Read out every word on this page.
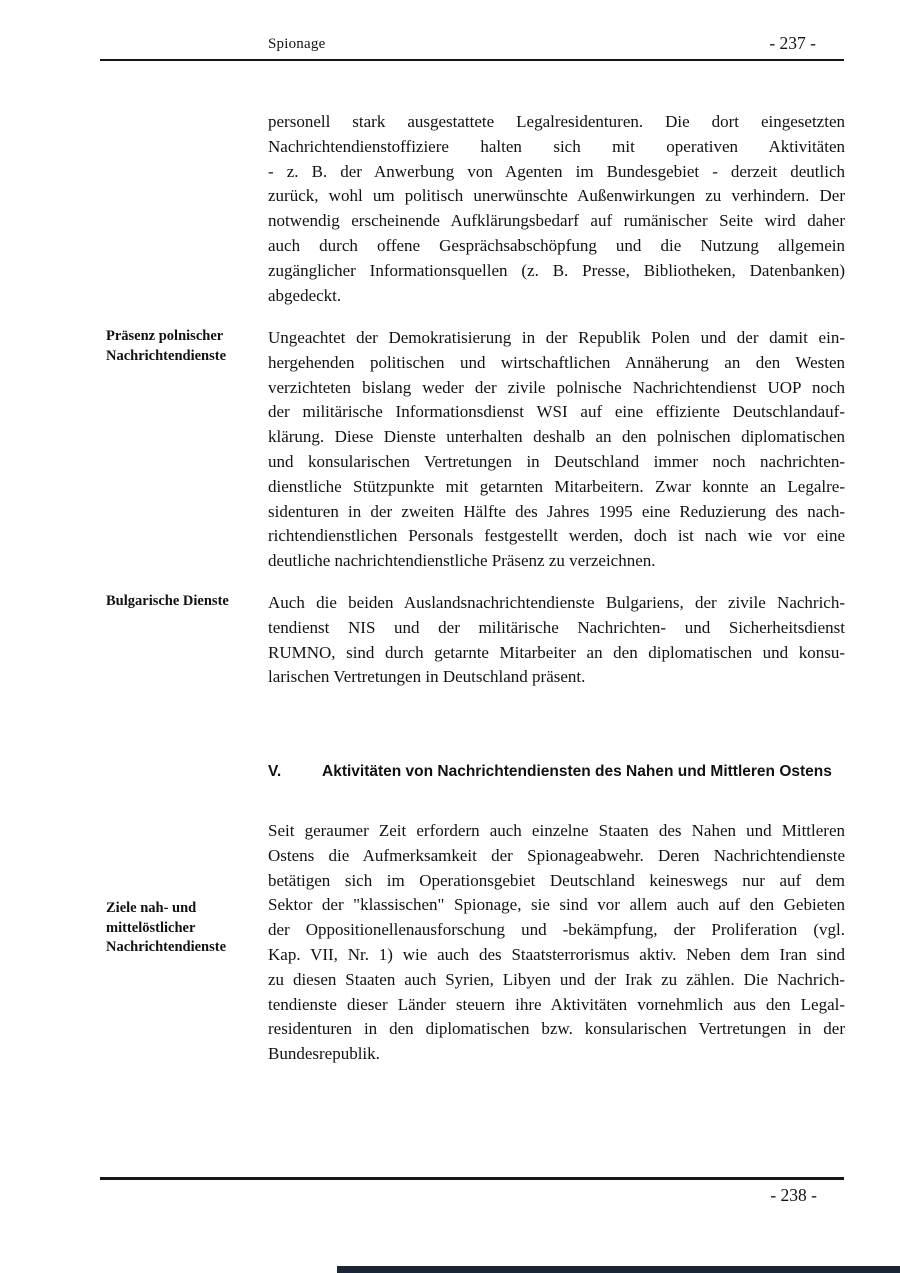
Spionage	- 237 -
personell stark ausgestattete Legalresidenturen. Die dort eingesetzten
Nachrichtendienstoffiziere halten sich mit operativen Aktivitäten
- z. B. der Anwerbung von Agenten im Bundesgebiet - derzeit deutlich
zurück, wohl um politisch unerwünschte Außenwirkungen zu verhindern. Der
notwendig erscheinende Aufklärungsbedarf auf rumänischer Seite wird daher
auch durch offene Gesprächsabschöpfung und die Nutzung allgemein
zugänglicher Informationsquellen (z. B. Presse, Bibliotheken, Datenbanken)
abgedeckt.
Präsenz polnischer
Nachrichtendienste
Ungeachtet der Demokratisierung in der Republik Polen und der damit ein-
hergehenden politischen und wirtschaftlichen Annäherung an den Westen
verzichteten bislang weder der zivile polnische Nachrichtendienst UOP noch
der militärische Informationsdienst WSI auf eine effiziente Deutschlandauf-
klärung. Diese Dienste unterhalten deshalb an den polnischen diplomatischen
und konsularischen Vertretungen in Deutschland immer noch nachrichten-
dienstliche Stützpunkte mit getarnten Mitarbeitern. Zwar konnte an Legalre-
sidenturen in der zweiten Hälfte des Jahres 1995 eine Reduzierung des nach-
richtendienstlichen Personals festgestellt werden, doch ist nach wie vor eine
deutliche nachrichtendienstliche Präsenz zu verzeichnen.
Bulgarische Dienste	Auch die beiden Auslandsnachrichtendienste Bulgariens, der zivile Nachrich-
tendienst NIS und der militärische Nachrichten- und Sicherheitsdienst
RUMNO, sind durch getarnte Mitarbeiter an den diplomatischen und konsu-
larischen Vertretungen in Deutschland präsent.
V.	Aktivitäten von Nachrichtendiensten des Nahen und Mittleren Ostens
Ziele nah- und
mittelöstlicher
Nachrichtendienste
Seit geraumer Zeit erfordern auch einzelne Staaten des Nahen und Mittleren
Ostens die Aufmerksamkeit der Spionageabwehr. Deren Nachrichtendienste
betätigen sich im Operationsgebiet Deutschland keineswegs nur auf dem
Sektor der "klassischen" Spionage, sie sind vor allem auch auf den Gebieten
der Oppositionellenausforschung und -bekämpfung, der Proliferation (vgl.
Kap. VII, Nr. 1) wie auch des Staatsterrorismus aktiv. Neben dem Iran sind
zu diesen Staaten auch Syrien, Libyen und der Irak zu zählen. Die Nachrich-
tendienste dieser Länder steuern ihre Aktivitäten vornehmlich aus den Legal-
residenturen in den diplomatischen bzw. konsularischen Vertretungen in der
Bundesrepublik.
- 238 -
